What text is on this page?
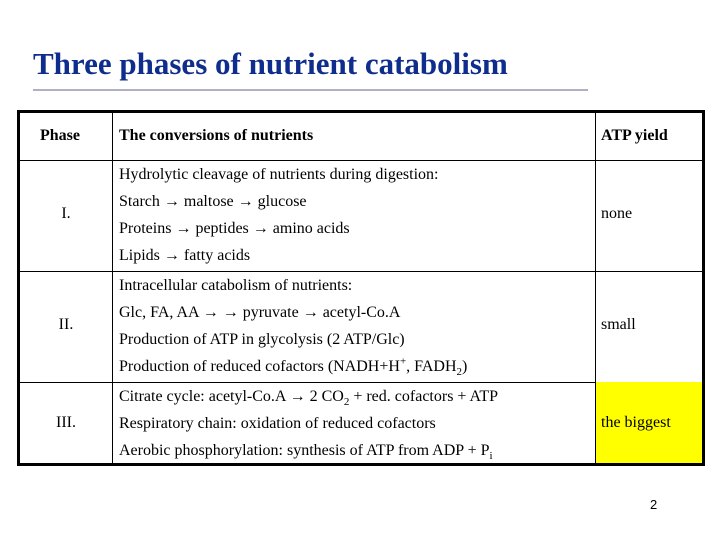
Three phases of nutrient catabolism
Phase The conversions of nutrients	ATP yield
I.
Hydrolytic cleavage of nutrients during digestion:
Starch → maltose → glucose
Proteins → peptides → amino acids
Lipids → fatty acids
none
II.
Intracellular catabolism of nutrients:
Glc, FA, AA → → pyruvate → acetyl-Co.A
Production of ATP in glycolysis (2 ATP/Glc)
Production of reduced cofactors (NADH+H+, $FADH_2$)
small
III.
Citrate cycle: acetyl-Co.A → 2 $CO_2$ + red. cofactors + ATP
Respiratory chain: oxidation of reduced cofactors
Aerobic phosphorylation: synthesis of ATP from ADP + $P_i$
the biggest
2
